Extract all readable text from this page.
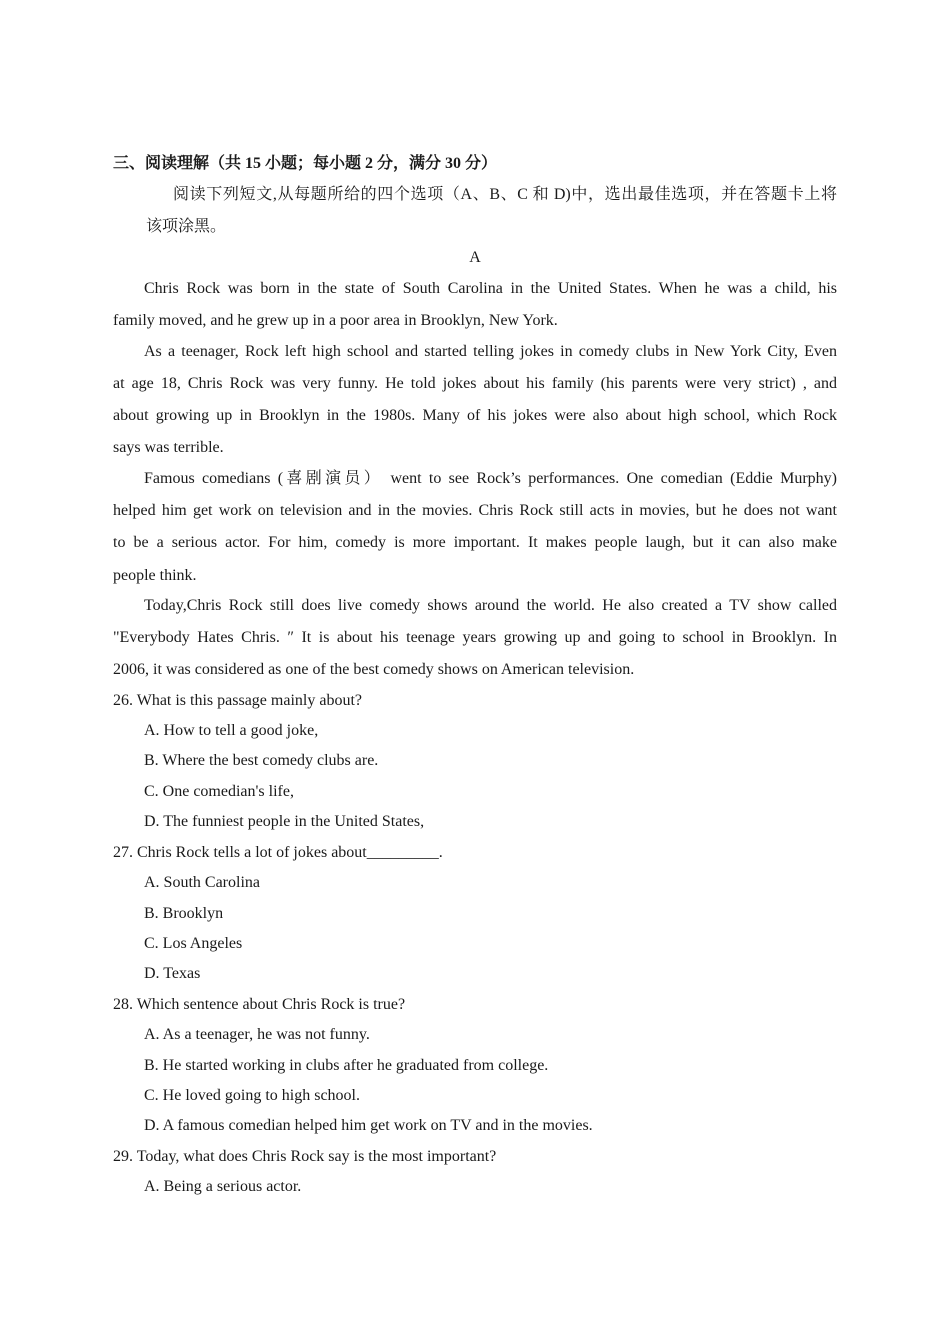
三、阅读理解（共 15 小题；每小题 2 分，满分 30 分）
阅读下列短文,从每题所给的四个选项（A、B、C 和 D)中，选出最佳选项，并在答题卡上将
该项涂黑。
A
Chris Rock was born in the state of South Carolina in the United States. When he was a child, his
family moved, and he grew up in a poor area in Brooklyn, New York.
As a teenager, Rock left high school and started telling jokes in comedy clubs in New York City, Even
at age 18, Chris Rock was very funny. He told jokes about his family (his parents were very strict) , and
about growing up in Brooklyn in the 1980s. Many of his jokes were also about high school, which Rock
says was terrible.
Famous comedians (喜剧演员） went to see Rock’s performances. One comedian (Eddie Murphy)
helped him get work on television and in the movies. Chris Rock still acts in movies, but he does not want
to be a serious actor. For him, comedy is more important. It makes people laugh, but it can also make
people think.
Today,Chris Rock still does live comedy shows around the world. He also created a TV show called
"Everybody Hates Chris. ″ It is about his teenage years growing up and going to school in Brooklyn. In
2006, it was considered as one of the best comedy shows on American television.
26. What is this passage mainly about?
A. How to tell a good joke,
B. Where the best comedy clubs are.
C. One comedian's life,
D. The funniest people in the United States,
27. Chris Rock tells a lot of jokes about_________.
A. South Carolina
B. Brooklyn
C. Los Angeles
D. Texas
28. Which sentence about Chris Rock is true?
A. As a teenager, he was not funny.
B. He started working in clubs after he graduated from college.
C. He loved going to high school.
D. A famous comedian helped him get work on TV and in the movies.
29. Today, what does Chris Rock say is the most important?
A. Being a serious actor.
